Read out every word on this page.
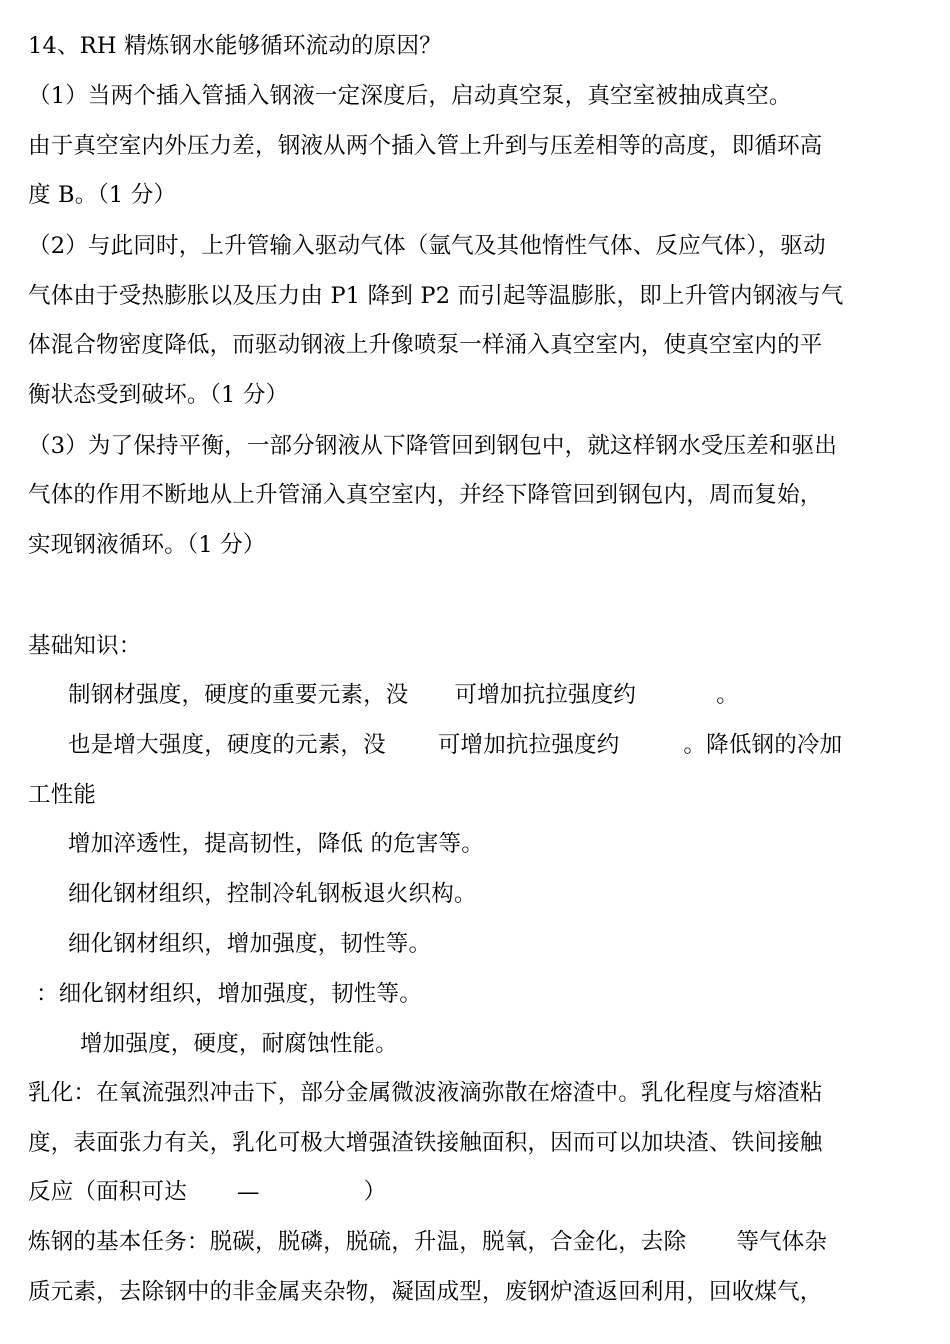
14、RH 精炼钢水能够循环流动的原因？
（1）当两个插入管插入钢液一定深度后，启动真空泵，真空室被抽成真空。
由于真空室内外压力差，钢液从两个插入管上升到与压差相等的高度，即循环高
度 B。（1 分）
（2）与此同时，上升管输入驱动气体（氩气及其他惰性气体、反应气体），驱动
气体由于受热膨胀以及压力由 P1 降到 P2 而引起等温膨胀，即上升管内钢液与气
体混合物密度降低，而驱动钢液上升像喷泵一样涌入真空室内，使真空室内的平
衡状态受到破坏。（1 分）
（3）为了保持平衡，一部分钢液从下降管回到钢包中，就这样钢水受压差和驱出
气体的作用不断地从上升管涌入真空室内，并经下降管回到钢包内，周而复始，
实现钢液循环。（1 分）
基础知识：
制钢材强度，硬度的重要元素，没 可增加抗拉强度约	。
也是增大强度，硬度的元素，没 可增加抗拉强度约	。降低钢的冷加
工性能
增加淬透性，提高韧性，降低 的危害等。
细化钢材组织，控制冷轧钢板退火织构。
细化钢材组织，增加强度，韧性等。
：细化钢材组织，增加强度，韧性等。
增加强度，硬度，耐腐蚀性能。
乳化：在氧流强烈冲击下，部分金属微波液滴弥散在熔渣中。乳化程度与熔渣粘
度，表面张力有关，乳化可极大增强渣铁接触面积，因而可以加块渣、铁间接触
反应（面积可达 —	）
炼钢的基本任务：脱碳，脱磷，脱硫，升温，脱氧，合金化，去除 等气体杂
质元素，去除钢中的非金属夹杂物，凝固成型，废钢炉渣返回利用，回收煤气，
